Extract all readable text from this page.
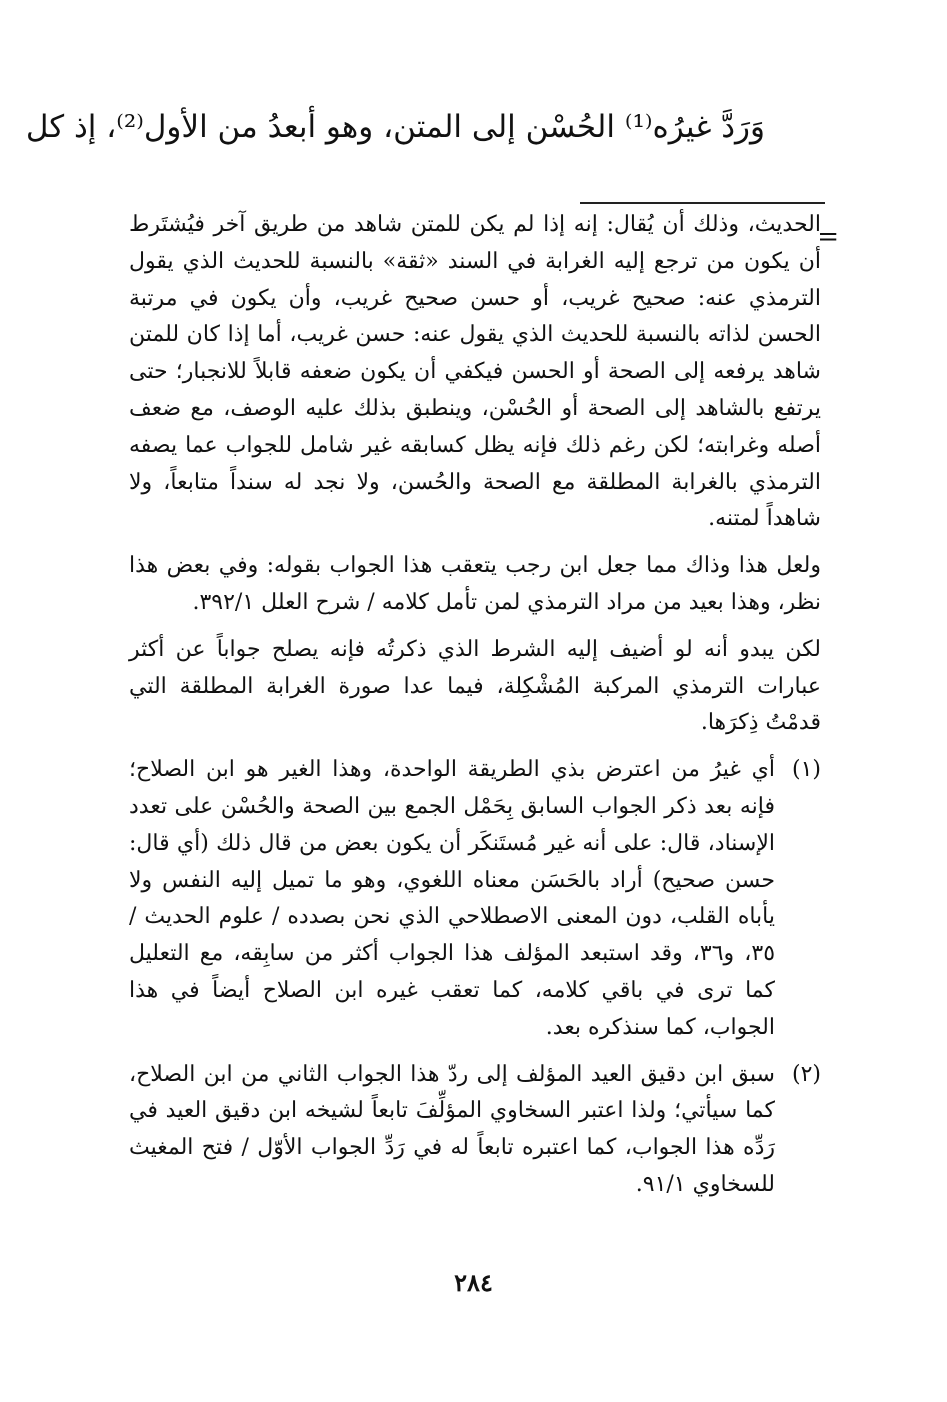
وَرَدَّ غيرُه⁽¹⁾ الحُسْن إلى المتن، وهو أبعدُ من الأول⁽²⁾، إذ كل
=

الحديث، وذلك أن يُقال: إنه إذا لم يكن للمتن شاهد من طريق آخر فيُشتَرط أن يكون من ترجع إليه الغرابة في السند «ثقة» بالنسبة للحديث الذي يقول الترمذي عنه: صحيح غريب، أو حسن صحيح غريب، وأن يكون في مرتبة الحسن لذاته بالنسبة للحديث الذي يقول عنه: حسن غريب، أما إذا كان للمتن شاهد يرفعه إلى الصحة أو الحسن فيكفي أن يكون ضعفه قابلاً للانجبار؛ حتى يرتفع بالشاهد إلى الصحة أو الحُسْن، وينطبق بذلك عليه الوصف، مع ضعف أصله وغرابته؛ لكن رغم ذلك فإنه يظل كسابقه غير شامل للجواب عما يصفه الترمذي بالغرابة المطلقة مع الصحة والحُسن، ولا نجد له سنداً متابعاً، ولا شاهداً لمتنه.

ولعل هذا وذاك مما جعل ابن رجب يتعقب هذا الجواب بقوله: وفي بعض هذا نظر، وهذا بعيد من مراد الترمذي لمن تأمل كلامه / شرح العلل ٣٩٢/١.

لكن يبدو أنه لو أضيف إليه الشرط الذي ذكرتُه فإنه يصلح جواباً عن أكثر عبارات الترمذي المركبة المُشْكِلة، فيما عدا صورة الغرابة المطلقة التي قدمْتُ ذِكرَها.

(١)
أي غيرُ من اعترض بذي الطريقة الواحدة، وهذا الغير هو ابن الصلاح؛ فإنه بعد ذكر الجواب السابق بِحَمْل الجمع بين الصحة والحُسْن على تعدد الإسناد، قال: على أنه غير مُستَنكَر أن يكون بعض من قال ذلك (أي قال: حسن صحيح) أراد بالحَسَن معناه اللغوي، وهو ما تميل إليه النفس ولا يأباه القلب، دون المعنى الاصطلاحي الذي نحن بصدده / علوم الحديث / ٣٥، و٣٦، وقد استبعد المؤلف هذا الجواب أكثر من سابِقه، مع التعليل كما ترى في باقي كلامه، كما تعقب غيره ابن الصلاح أيضاً في هذا الجواب، كما سنذكره بعد.

(٢)
سبق ابن دقيق العيد المؤلف إلى ردّ هذا الجواب الثاني من ابن الصلاح، كما سيأتي؛ ولذا اعتبر السخاوي المؤلِّفَ تابعاً لشيخه ابن دقيق العيد في رَدِّه هذا الجواب، كما اعتبره تابعاً له في رَدِّ الجواب الأوّل / فتح المغيث للسخاوي ٩١/١.

٢٨٤
